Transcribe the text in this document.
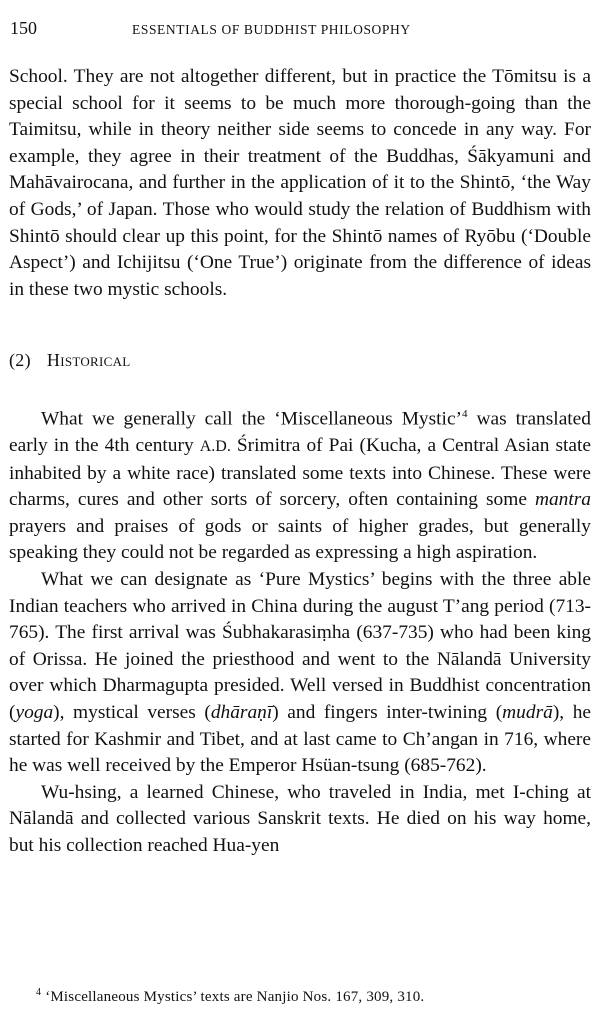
150	ESSENTIALS OF BUDDHIST PHILOSOPHY

School. They are not altogether different, but in practice the Tōmitsu is a special school for it seems to be much more thorough-going than the Taimitsu, while in theory neither side seems to concede in any way. For example, they agree in their treatment of the Buddhas, Śākyamuni and Mahāvairocana, and further in the application of it to the Shintō, ‘the Way of Gods,’ of Japan. Those who would study the relation of Buddhism with Shintō should clear up this point, for the Shintō names of Ryōbu (‘Double Aspect’) and Ichijitsu (‘One True’) originate from the difference of ideas in these two mystic schools.

(2) Historical

What we generally call the ‘Miscellaneous Mystic’$^4$ was translated early in the 4th century A.D. Śrimitra of Pai (Kucha, a Central Asian state inhabited by a white race) translated some texts into Chinese. These were charms, cures and other sorts of sorcery, often containing some mantra prayers and praises of gods or saints of higher grades, but generally speaking they could not be regarded as expressing a high aspiration.

What we can designate as ‘Pure Mystics’ begins with the three able Indian teachers who arrived in China during the august T’ang period (713-765). The first arrival was Śubhakarasiṃha (637-735) who had been king of Orissa. He joined the priesthood and went to the Nālandā University over which Dharmagupta presided. Well versed in Buddhist concentration (yoga), mystical verses (dhāraṇī) and fingers inter-twining (mudrā), he started for Kashmir and Tibet, and at last came to Ch’angan in 716, where he was well received by the Emperor Hsüan-tsung (685-762).

Wu-hsing, a learned Chinese, who traveled in India, met I-ching at Nālandā and collected various Sanskrit texts. He died on his way home, but his collection reached Hua-yen

$^4$ ‘Miscellaneous Mystics’ texts are Nanjio Nos. 167, 309, 310.
